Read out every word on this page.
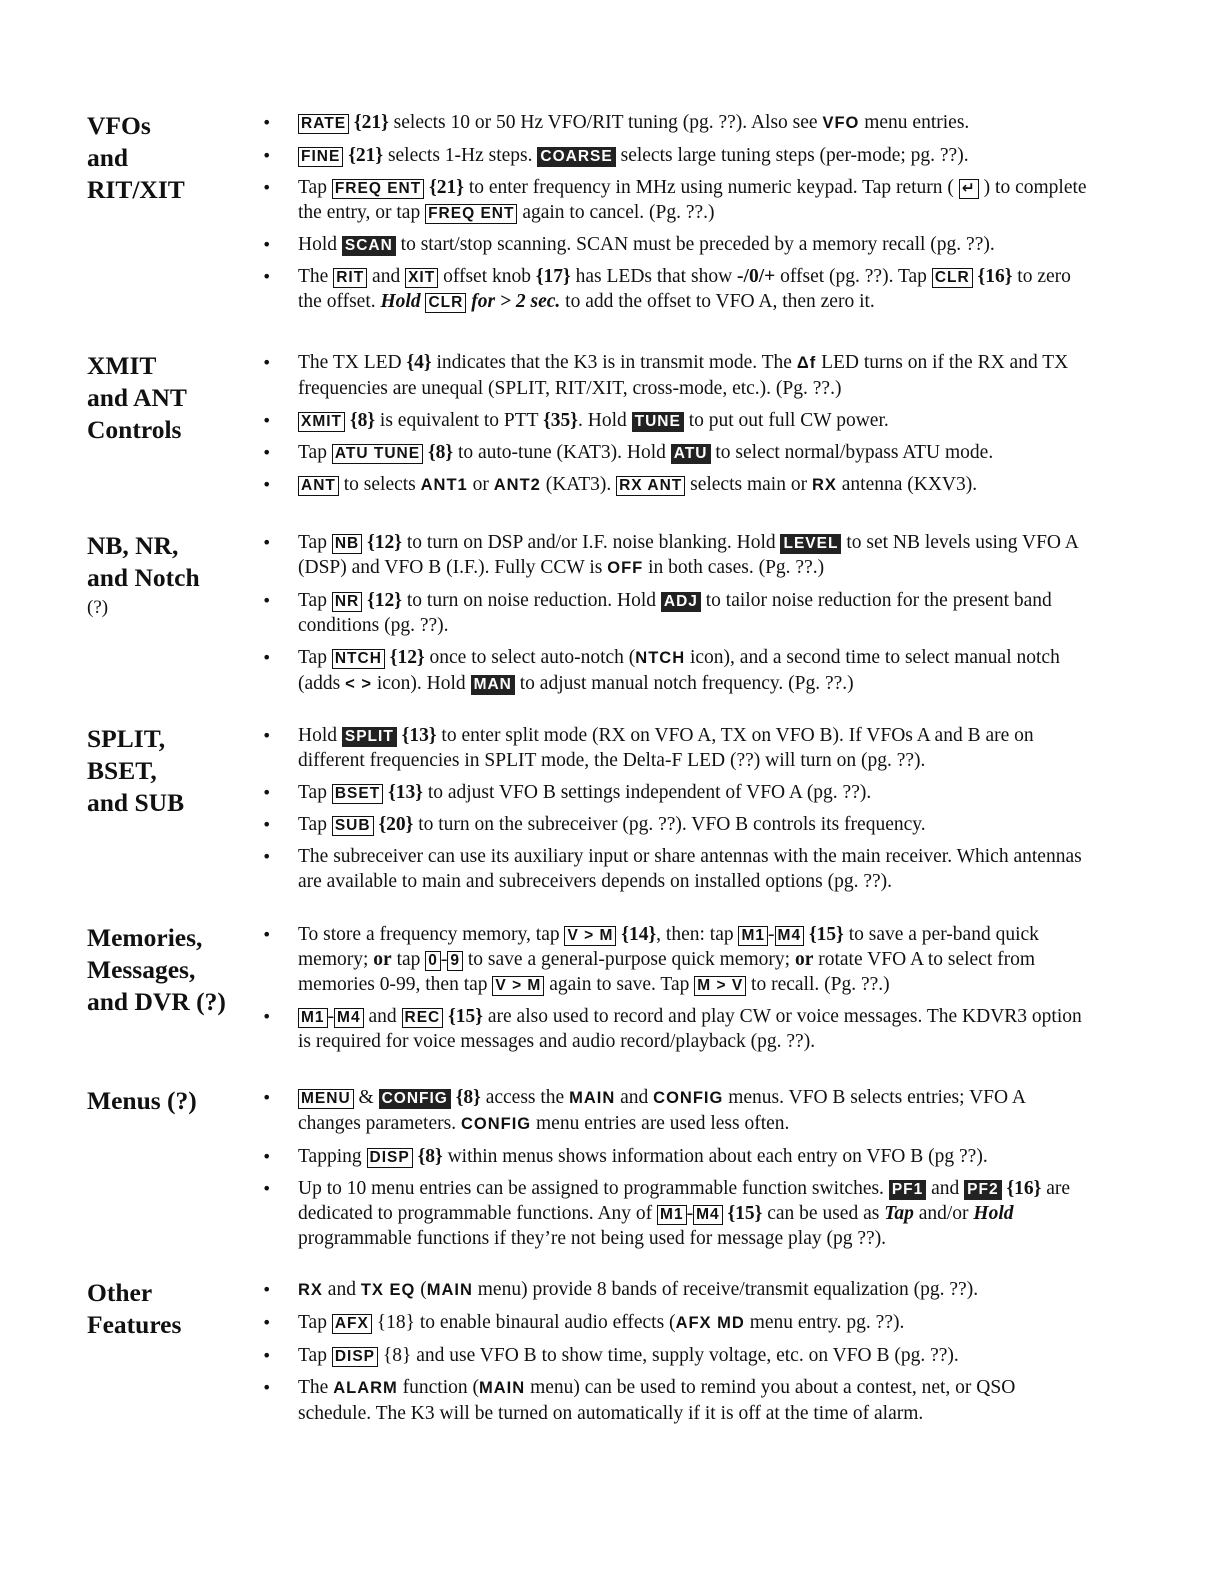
VFOs
and
RIT/XIT
• RATE {21} selects 10 or 50 Hz VFO/RIT tuning (pg. ??). Also see VFO menu entries.
• FINE {21} selects 1-Hz steps. COARSE selects large tuning steps (per-mode; pg. ??).
• Tap FREQ ENT {21} to enter frequency in MHz using numeric keypad. Tap return ( ↵ ) to complete the entry, or tap FREQ ENT again to cancel. (Pg. ??.)
• Hold SCAN to start/stop scanning. SCAN must be preceded by a memory recall (pg. ??).
• The RIT and XIT offset knob {17} has LEDs that show -/0/+ offset (pg. ??). Tap CLR {16} to zero the offset. Hold CLR for > 2 sec. to add the offset to VFO A, then zero it.
XMIT
and ANT
Controls
• The TX LED {4} indicates that the K3 is in transmit mode. The Δf LED turns on if the RX and TX frequencies are unequal (SPLIT, RIT/XIT, cross-mode, etc.). (Pg. ??.)
• XMIT {8} is equivalent to PTT {35}. Hold TUNE to put out full CW power.
• Tap ATU TUNE {8} to auto-tune (KAT3). Hold ATU to select normal/bypass ATU mode.
• ANT to selects ANT1 or ANT2 (KAT3). RX ANT selects main or RX antenna (KXV3).
NB, NR,
and Notch
(?)
• Tap NB {12} to turn on DSP and/or I.F. noise blanking. Hold LEVEL to set NB levels using VFO A (DSP) and VFO B (I.F.). Fully CCW is OFF in both cases. (Pg. ??.)
• Tap NR {12} to turn on noise reduction. Hold ADJ to tailor noise reduction for the present band conditions (pg. ??).
• Tap NTCH {12} once to select auto-notch (NTCH icon), and a second time to select manual notch (adds < > icon). Hold MAN to adjust manual notch frequency. (Pg. ??.)
SPLIT,
BSET,
and SUB
• Hold SPLIT {13} to enter split mode (RX on VFO A, TX on VFO B). If VFOs A and B are on different frequencies in SPLIT mode, the Delta-F LED (??) will turn on (pg. ??).
• Tap BSET {13} to adjust VFO B settings independent of VFO A (pg. ??).
• Tap SUB {20} to turn on the subreceiver (pg. ??). VFO B controls its frequency.
• The subreceiver can use its auxiliary input or share antennas with the main receiver. Which antennas are available to main and subreceivers depends on installed options (pg. ??).
Memories,
Messages,
and DVR (?)
• To store a frequency memory, tap V > M {14}, then: tap M1 - M4 {15} to save a per-band quick memory; or tap 0 - 9 to save a general-purpose quick memory; or rotate VFO A to select from memories 0-99, then tap V > M again to save. Tap M > V to recall. (Pg. ??.)
• M1 - M4 and REC {15} are also used to record and play CW or voice messages. The KDVR3 option is required for voice messages and audio record/playback (pg. ??).
Menus (?)	• MENU & CONFIG {8} access the MAIN and CONFIG menus. VFO B selects entries; VFO A changes parameters. CONFIG menu entries are used less often.
• Tapping DISP {8} within menus shows information about each entry on VFO B (pg ??).
• Up to 10 menu entries can be assigned to programmable function switches. PF1 and PF2 {16} are dedicated to programmable functions. Any of M1 - M4 {15} can be used as Tap and/or Hold programmable functions if they’re not being used for message play (pg ??).
Other
Features
• RX and TX EQ (MAIN menu) provide 8 bands of receive/transmit equalization (pg. ??).
• Tap AFX {18} to enable binaural audio effects (AFX MD menu entry. pg. ??).
• Tap DISP {8} and use VFO B to show time, supply voltage, etc. on VFO B (pg. ??).
• The ALARM function (MAIN menu) can be used to remind you about a contest, net, or QSO schedule. The K3 will be turned on automatically if it is off at the time of alarm.
